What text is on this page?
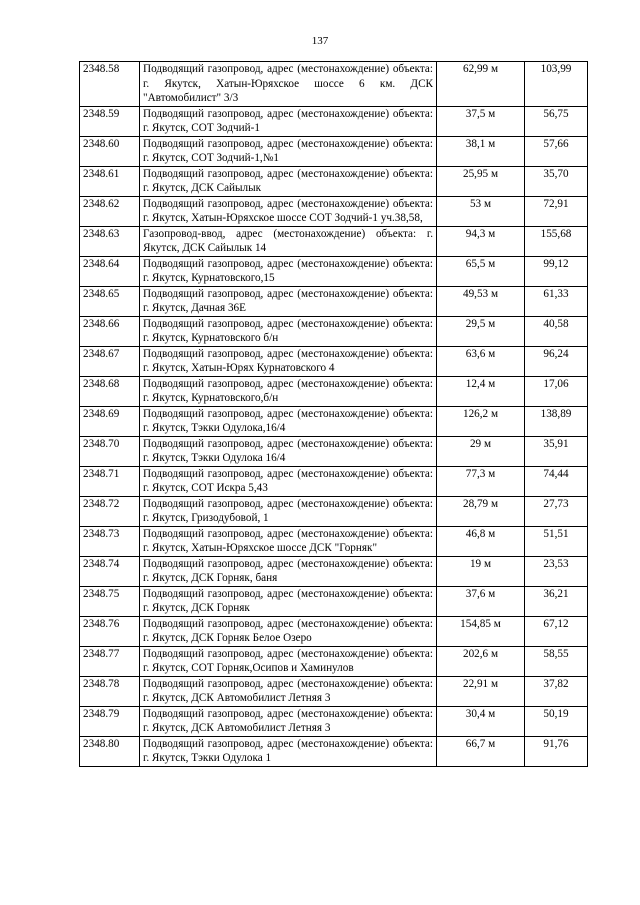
137
2348.58	Подводящий газопровод, адрес (местонахождение) объекта: г. Якутск, Хатын-Юряхское шоссе 6 км. ДСК "Автомобилист" 3/3	62,99 м	103,99
2348.59	Подводящий газопровод, адрес (местонахождение) объекта: г. Якутск, СОТ Зодчий-1	37,5 м	56,75
2348.60	Подводящий газопровод, адрес (местонахождение) объекта: г. Якутск, СОТ Зодчий-1,№1	38,1 м	57,66
2348.61	Подводящий газопровод, адрес (местонахождение) объекта: г. Якутск, ДСК Сайылык	25,95 м	35,70
2348.62	Подводящий газопровод, адрес (местонахождение) объекта: г. Якутск, Хатын-Юряхское шоссе СОТ Зодчий-1 уч.38,58,	53 м	72,91
2348.63	Газопровод-ввод, адрес (местонахождение) объекта: г. Якутск, ДСК Сайылык 14	94,3 м	155,68
2348.64	Подводящий газопровод, адрес (местонахождение) объекта: г. Якутск, Курнатовского,15	65,5 м	99,12
2348.65	Подводящий газопровод, адрес (местонахождение) объекта: г. Якутск, Дачная 36Е	49,53 м	61,33
2348.66	Подводящий газопровод, адрес (местонахождение) объекта: г. Якутск, Курнатовского б/н	29,5 м	40,58
2348.67	Подводящий газопровод, адрес (местонахождение) объекта: г. Якутск, Хатын-Юрях Курнатовского 4	63,6 м	96,24
2348.68	Подводящий газопровод, адрес (местонахождение) объекта: г. Якутск, Курнатовского,б/н	12,4 м	17,06
2348.69	Подводящий газопровод, адрес (местонахождение) объекта: г. Якутск, Тэкки Одулока,16/4	126,2 м	138,89
2348.70	Подводящий газопровод, адрес (местонахождение) объекта: г. Якутск, Тэкки Одулока 16/4	29 м	35,91
2348.71	Подводящий газопровод, адрес (местонахождение) объекта: г. Якутск, СОТ Искра 5,43	77,3 м	74,44
2348.72	Подводящий газопровод, адрес (местонахождение) объекта: г. Якутск, Гризодубовой, 1	28,79 м	27,73
2348.73	Подводящий газопровод, адрес (местонахождение) объекта: г. Якутск, Хатын-Юряхское шоссе ДСК "Горняк"	46,8 м	51,51
2348.74	Подводящий газопровод, адрес (местонахождение) объекта: г. Якутск, ДСК Горняк, баня	19 м	23,53
2348.75	Подводящий газопровод, адрес (местонахождение) объекта: г. Якутск, ДСК Горняк	37,6 м	36,21
2348.76	Подводящий газопровод, адрес (местонахождение) объекта: г. Якутск, ДСК Горняк Белое Озеро	154,85 м	67,12
2348.77	Подводящий газопровод, адрес (местонахождение) объекта: г. Якутск, СОТ Горняк,Осипов и Хаминулов	202,6 м	58,55
2348.78	Подводящий газопровод, адрес (местонахождение) объекта: г. Якутск, ДСК Автомобилист Летняя 3	22,91 м	37,82
2348.79	Подводящий газопровод, адрес (местонахождение) объекта: г. Якутск, ДСК Автомобилист Летняя 3	30,4 м	50,19
2348.80	Подводящий газопровод, адрес (местонахождение) объекта: г. Якутск, Тэкки Одулока 1	66,7 м	91,76
